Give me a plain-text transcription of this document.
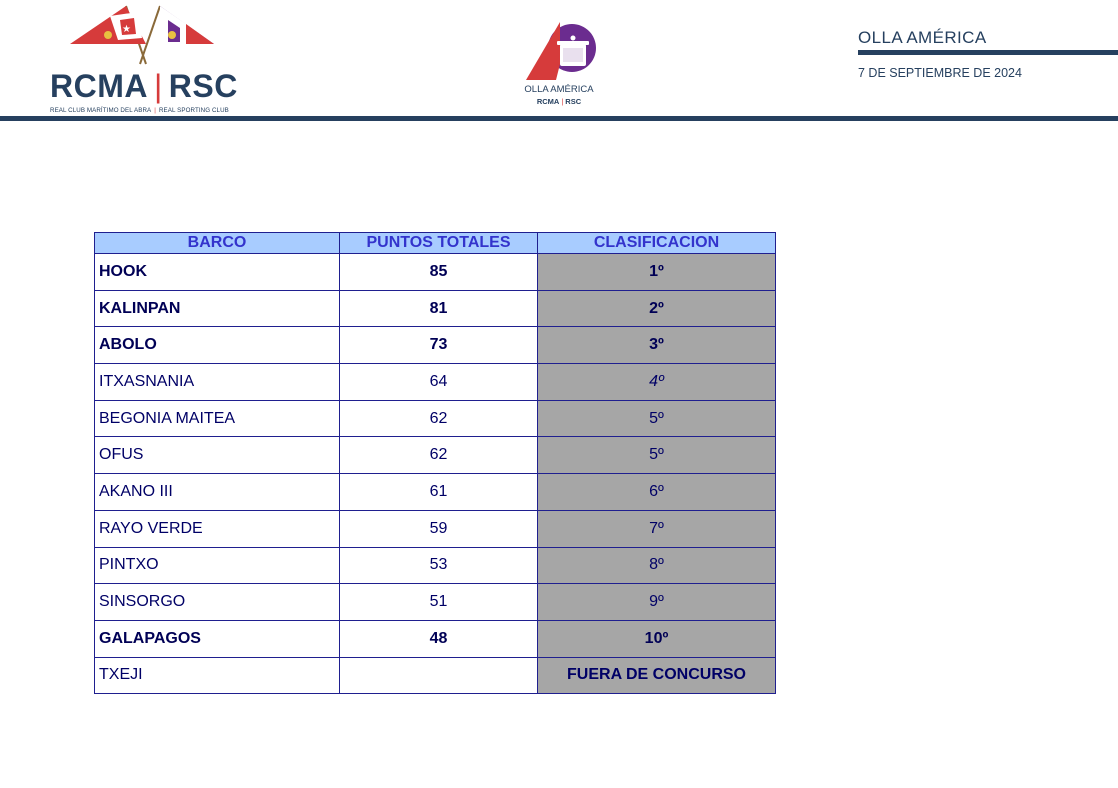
★
RCMA | RSC
REAL CLUB MARÍTIMO DEL ABRA | REAL SPORTING CLUB
OLLA AMÉRICA
RCMA | RSC
OLLA AMÉRICA
7 DE SEPTIEMBRE DE 2024
BARCO	PUNTOS TOTALES	CLASIFICACION
HOOK	85	1º
KALINPAN	81	2º
ABOLO	73	3º
ITXASNANIA	64	4º
BEGONIA MAITEA	62	5º
OFUS	62	5º
AKANO III	61	6º
RAYO VERDE	59	7º
PINTXO	53	8º
SINSORGO	51	9º
GALAPAGOS	48	10º
TXEJI		FUERA DE CONCURSO
